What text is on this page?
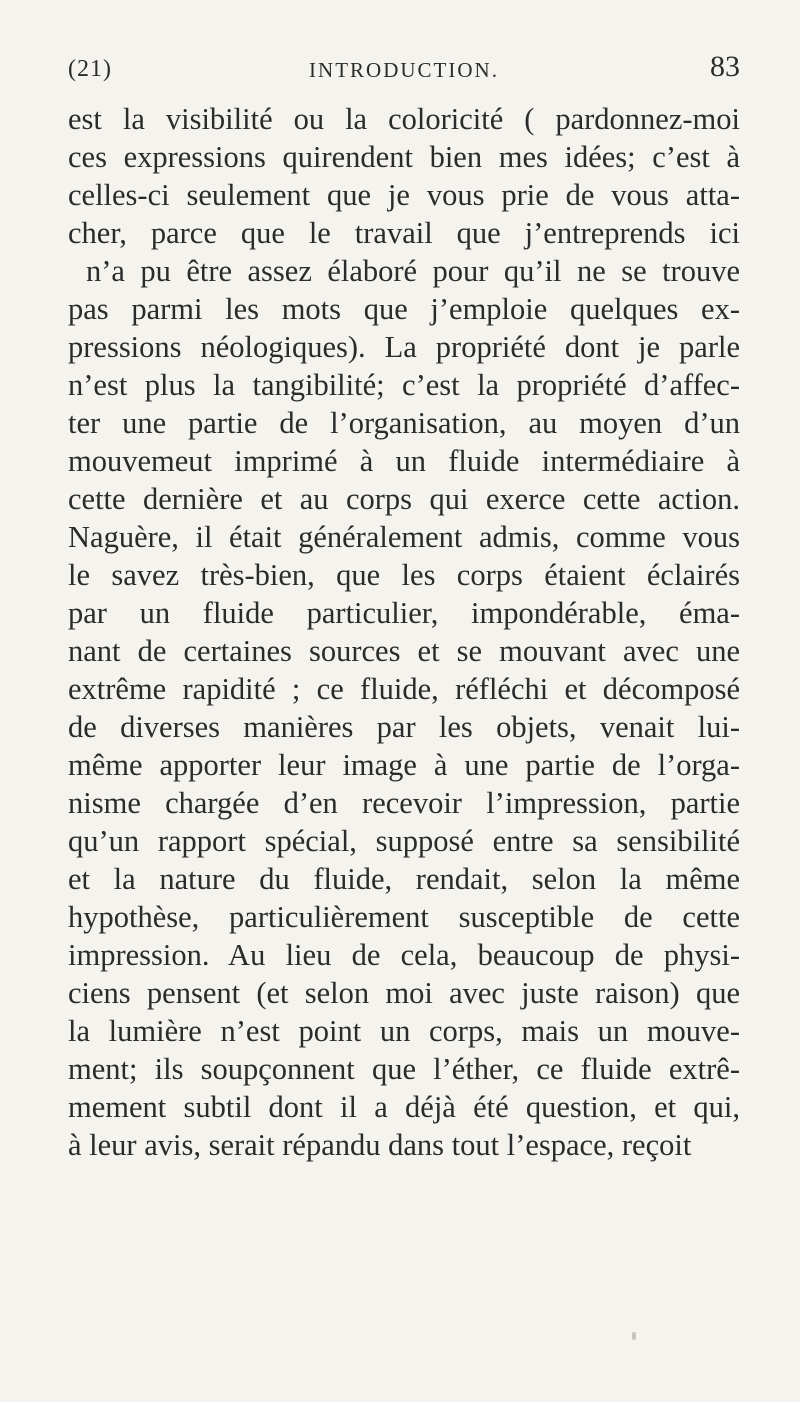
(21)	INTRODUCTION.	83
est la visibilité ou la coloricité ( pardonnez-moi
ces expressions quirendent bien mes idées; c’est à
celles-ci seulement que je vous prie de vous atta-
cher, parce que le travail que j’entreprends ici
n’a pu être assez élaboré pour qu’il ne se trouve
pas parmi les mots que j’emploie quelques ex-
pressions néologiques). La propriété dont je parle
n’est plus la tangibilité; c’est la propriété d’affec-
ter une partie de l’organisation, au moyen d’un
mouvemeut imprimé à un fluide intermédiaire à
cette dernière et au corps qui exerce cette action.
Naguère, il était généralement admis, comme vous
le savez très-bien, que les corps étaient éclairés
par un fluide particulier, impondérable, éma-
nant de certaines sources et se mouvant avec une
extrême rapidité ; ce fluide, réfléchi et décomposé
de diverses manières par les objets, venait lui-
même apporter leur image à une partie de l’orga-
nisme chargée d’en recevoir l’impression, partie
qu’un rapport spécial, supposé entre sa sensibilité
et la nature du fluide, rendait, selon la même
hypothèse, particulièrement susceptible de cette
impression. Au lieu de cela, beaucoup de physi-
ciens pensent (et selon moi avec juste raison) que
la lumière n’est point un corps, mais un mouve-
ment; ils soupçonnent que l’éther, ce fluide extrê-
mement subtil dont il a déjà été question, et qui,
à leur avis, serait répandu dans tout l’espace, reçoit
